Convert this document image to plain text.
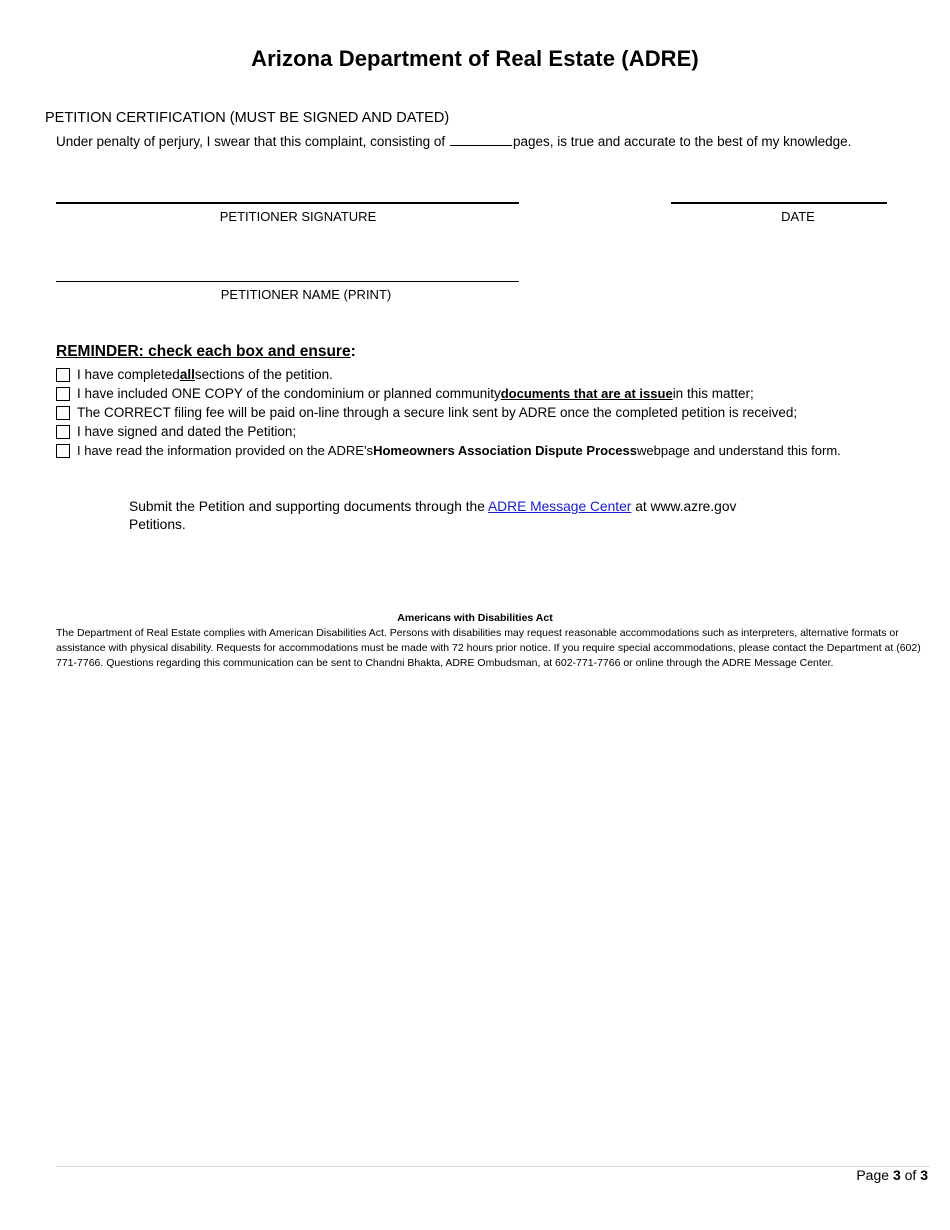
Arizona Department of Real Estate (ADRE)
PETITION CERTIFICATION (MUST BE SIGNED AND DATED)
Under penalty of perjury, I swear that this complaint, consisting of	pages, is true and accurate to the best of my knowledge.
PETITIONER SIGNATURE	DATE
PETITIONER NAME (PRINT)
REMINDER: check each box and ensure:
I have completed all sections of the petition.
I have included ONE COPY of the condominium or planned community documents that are at issue in this matter;
The CORRECT filing fee will be paid on-line through a secure link sent by ADRE once the completed petition is received;
I have signed and dated the Petition;
I have read the information provided on the ADRE’s Homeowners Association Dispute Process webpage and understand this form.
Submit the Petition and supporting documents through the ADRE Message Center at www.azre.gov
Petitions.
Americans with Disabilities Act
The Department of Real Estate complies with American Disabilities Act. Persons with disabilities may request reasonable accommodations such as interpreters, alternative formats or assistance with physical disability. Requests for accommodations must be made with 72 hours prior notice. If you require special accommodations, please contact the Department at (602) 771-7766. Questions regarding this communication can be sent to Chandni Bhakta, ADRE Ombudsman, at 602-771-7766 or online through the ADRE Message Center.
Page 3 of 3
